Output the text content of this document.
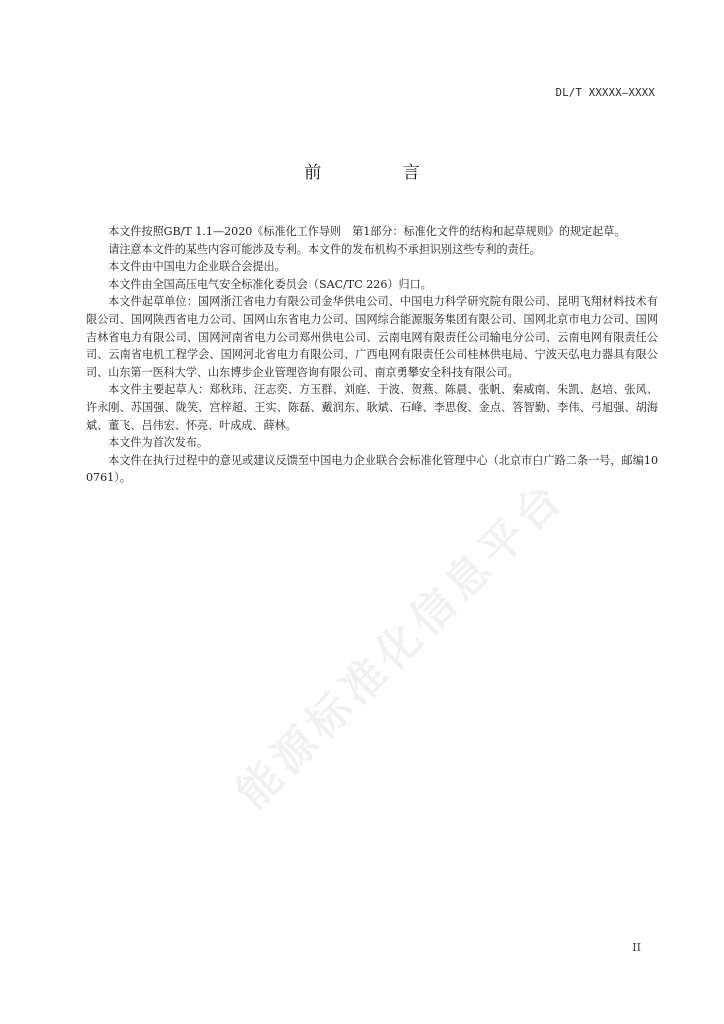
DL/T XXXXX—XXXX
前 言

本文件按照GB/T 1.1—2020《标准化工作导则　第1部分：标准化文件的结构和起草规则》的规定起草。

请注意本文件的某些内容可能涉及专利。本文件的发布机构不承担识别这些专利的责任。

本文件由中国电力企业联合会提出。

本文件由全国高压电气安全标准化委员会（SAC/TC 226）归口。

本文件起草单位：国网浙江省电力有限公司金华供电公司、中国电力科学研究院有限公司、昆明飞翔材料技术有限公司、国网陕西省电力公司、国网山东省电力公司、国网综合能源服务集团有限公司、国网北京市电力公司、国网吉林省电力有限公司、国网河南省电力公司郑州供电公司、云南电网有限责任公司输电分公司、云南电网有限责任公司、云南省电机工程学会、国网河北省电力有限公司、广西电网有限责任公司桂林供电局、宁波天弘电力器具有限公司、山东第一医科大学、山东博步企业管理咨询有限公司、南京勇攀安全科技有限公司。

本文件主要起草人：郑秋玮、汪志奕、方玉群、刘庭、于波、贺燕、陈晨、张帆、秦威南、朱凯、赵培、张风、许永刚、苏国强、陇笑、宫梓超、王实、陈磊、戴润东、耿斌、石峰、李思俊、金点、答智勤、李伟、弓旭强、胡海斌、董飞、吕伟宏、怀亮、叶成成、薛林。

本文件为首次发布。

本文件在执行过程中的意见或建议反馈至中国电力企业联合会标准化管理中心（北京市白广路二条一号，邮编100761）。	能源标准化信息平台
II
